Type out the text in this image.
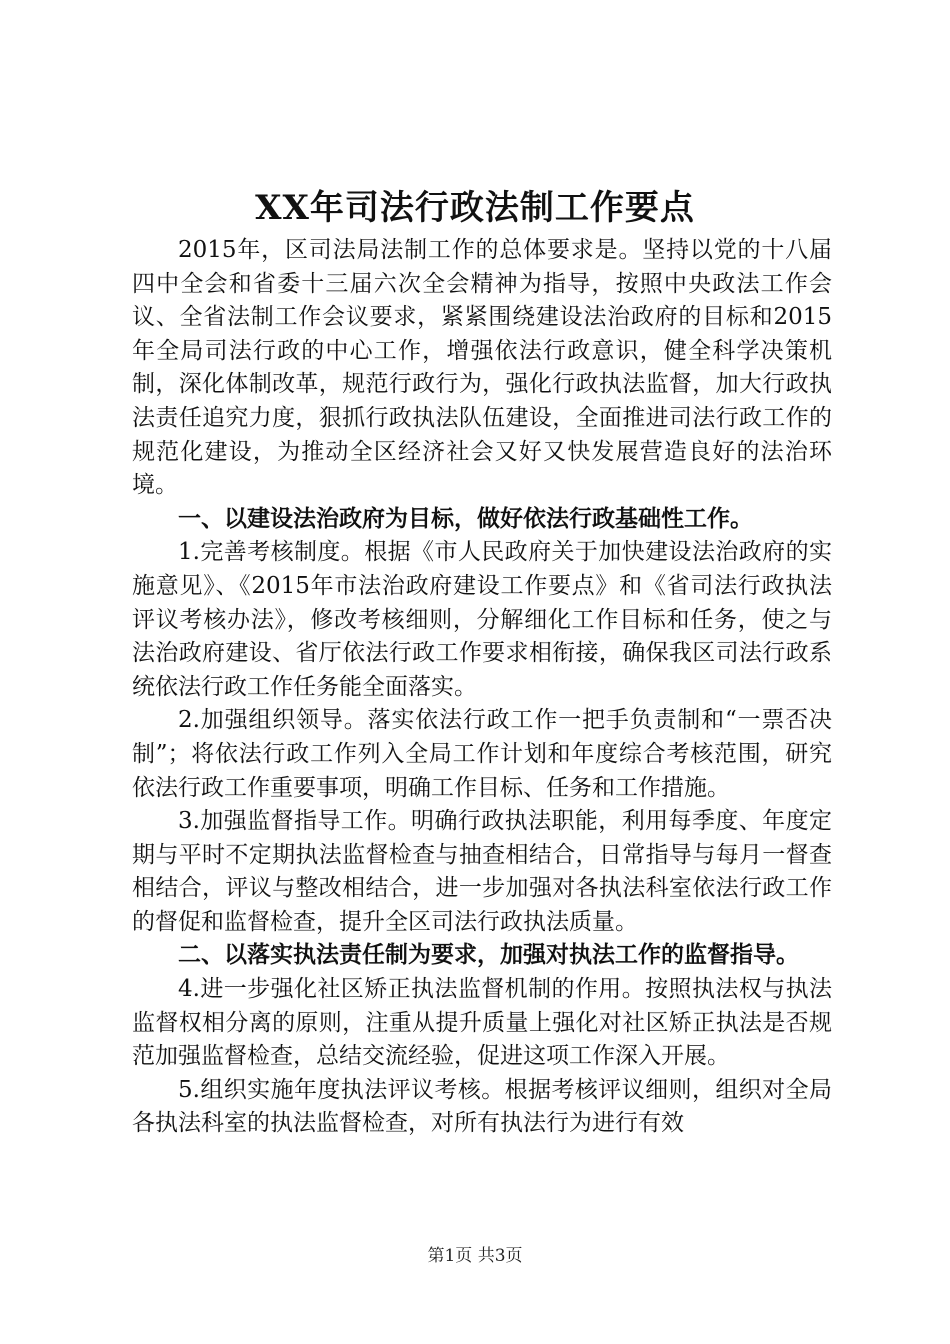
XX年司法行政法制工作要点

2015年，区司法局法制工作的总体要求是。坚持以党的十八届四中全会和省委十三届六次全会精神为指导，按照中央政法工作会议、全省法制工作会议要求，紧紧围绕建设法治政府的目标和2015年全局司法行政的中心工作，增强依法行政意识，健全科学决策机制，深化体制改革，规范行政行为，强化行政执法监督，加大行政执法责任追究力度，狠抓行政执法队伍建设，全面推进司法行政工作的规范化建设，为推动全区经济社会又好又快发展营造良好的法治环境。

一、以建设法治政府为目标，做好依法行政基础性工作。

1.完善考核制度。根据《市人民政府关于加快建设法治政府的实施意见》、《2015年市法治政府建设工作要点》和《省司法行政执法评议考核办法》，修改考核细则，分解细化工作目标和任务，使之与法治政府建设、省厅依法行政工作要求相衔接，确保我区司法行政系统依法行政工作任务能全面落实。

2.加强组织领导。落实依法行政工作一把手负责制和“一票否决制”；将依法行政工作列入全局工作计划和年度综合考核范围，研究依法行政工作重要事项，明确工作目标、任务和工作措施。

3.加强监督指导工作。明确行政执法职能，利用每季度、年度定期与平时不定期执法监督检查与抽查相结合，日常指导与每月一督查相结合，评议与整改相结合，进一步加强对各执法科室依法行政工作的督促和监督检查，提升全区司法行政执法质量。

二、以落实执法责任制为要求，加强对执法工作的监督指导。

4.进一步强化社区矫正执法监督机制的作用。按照执法权与执法监督权相分离的原则，注重从提升质量上强化对社区矫正执法是否规范加强监督检查，总结交流经验，促进这项工作深入开展。

5.组织实施年度执法评议考核。根据考核评议细则，组织对全局各执法科室的执法监督检查，对所有执法行为进行有效

第1页 共3页
